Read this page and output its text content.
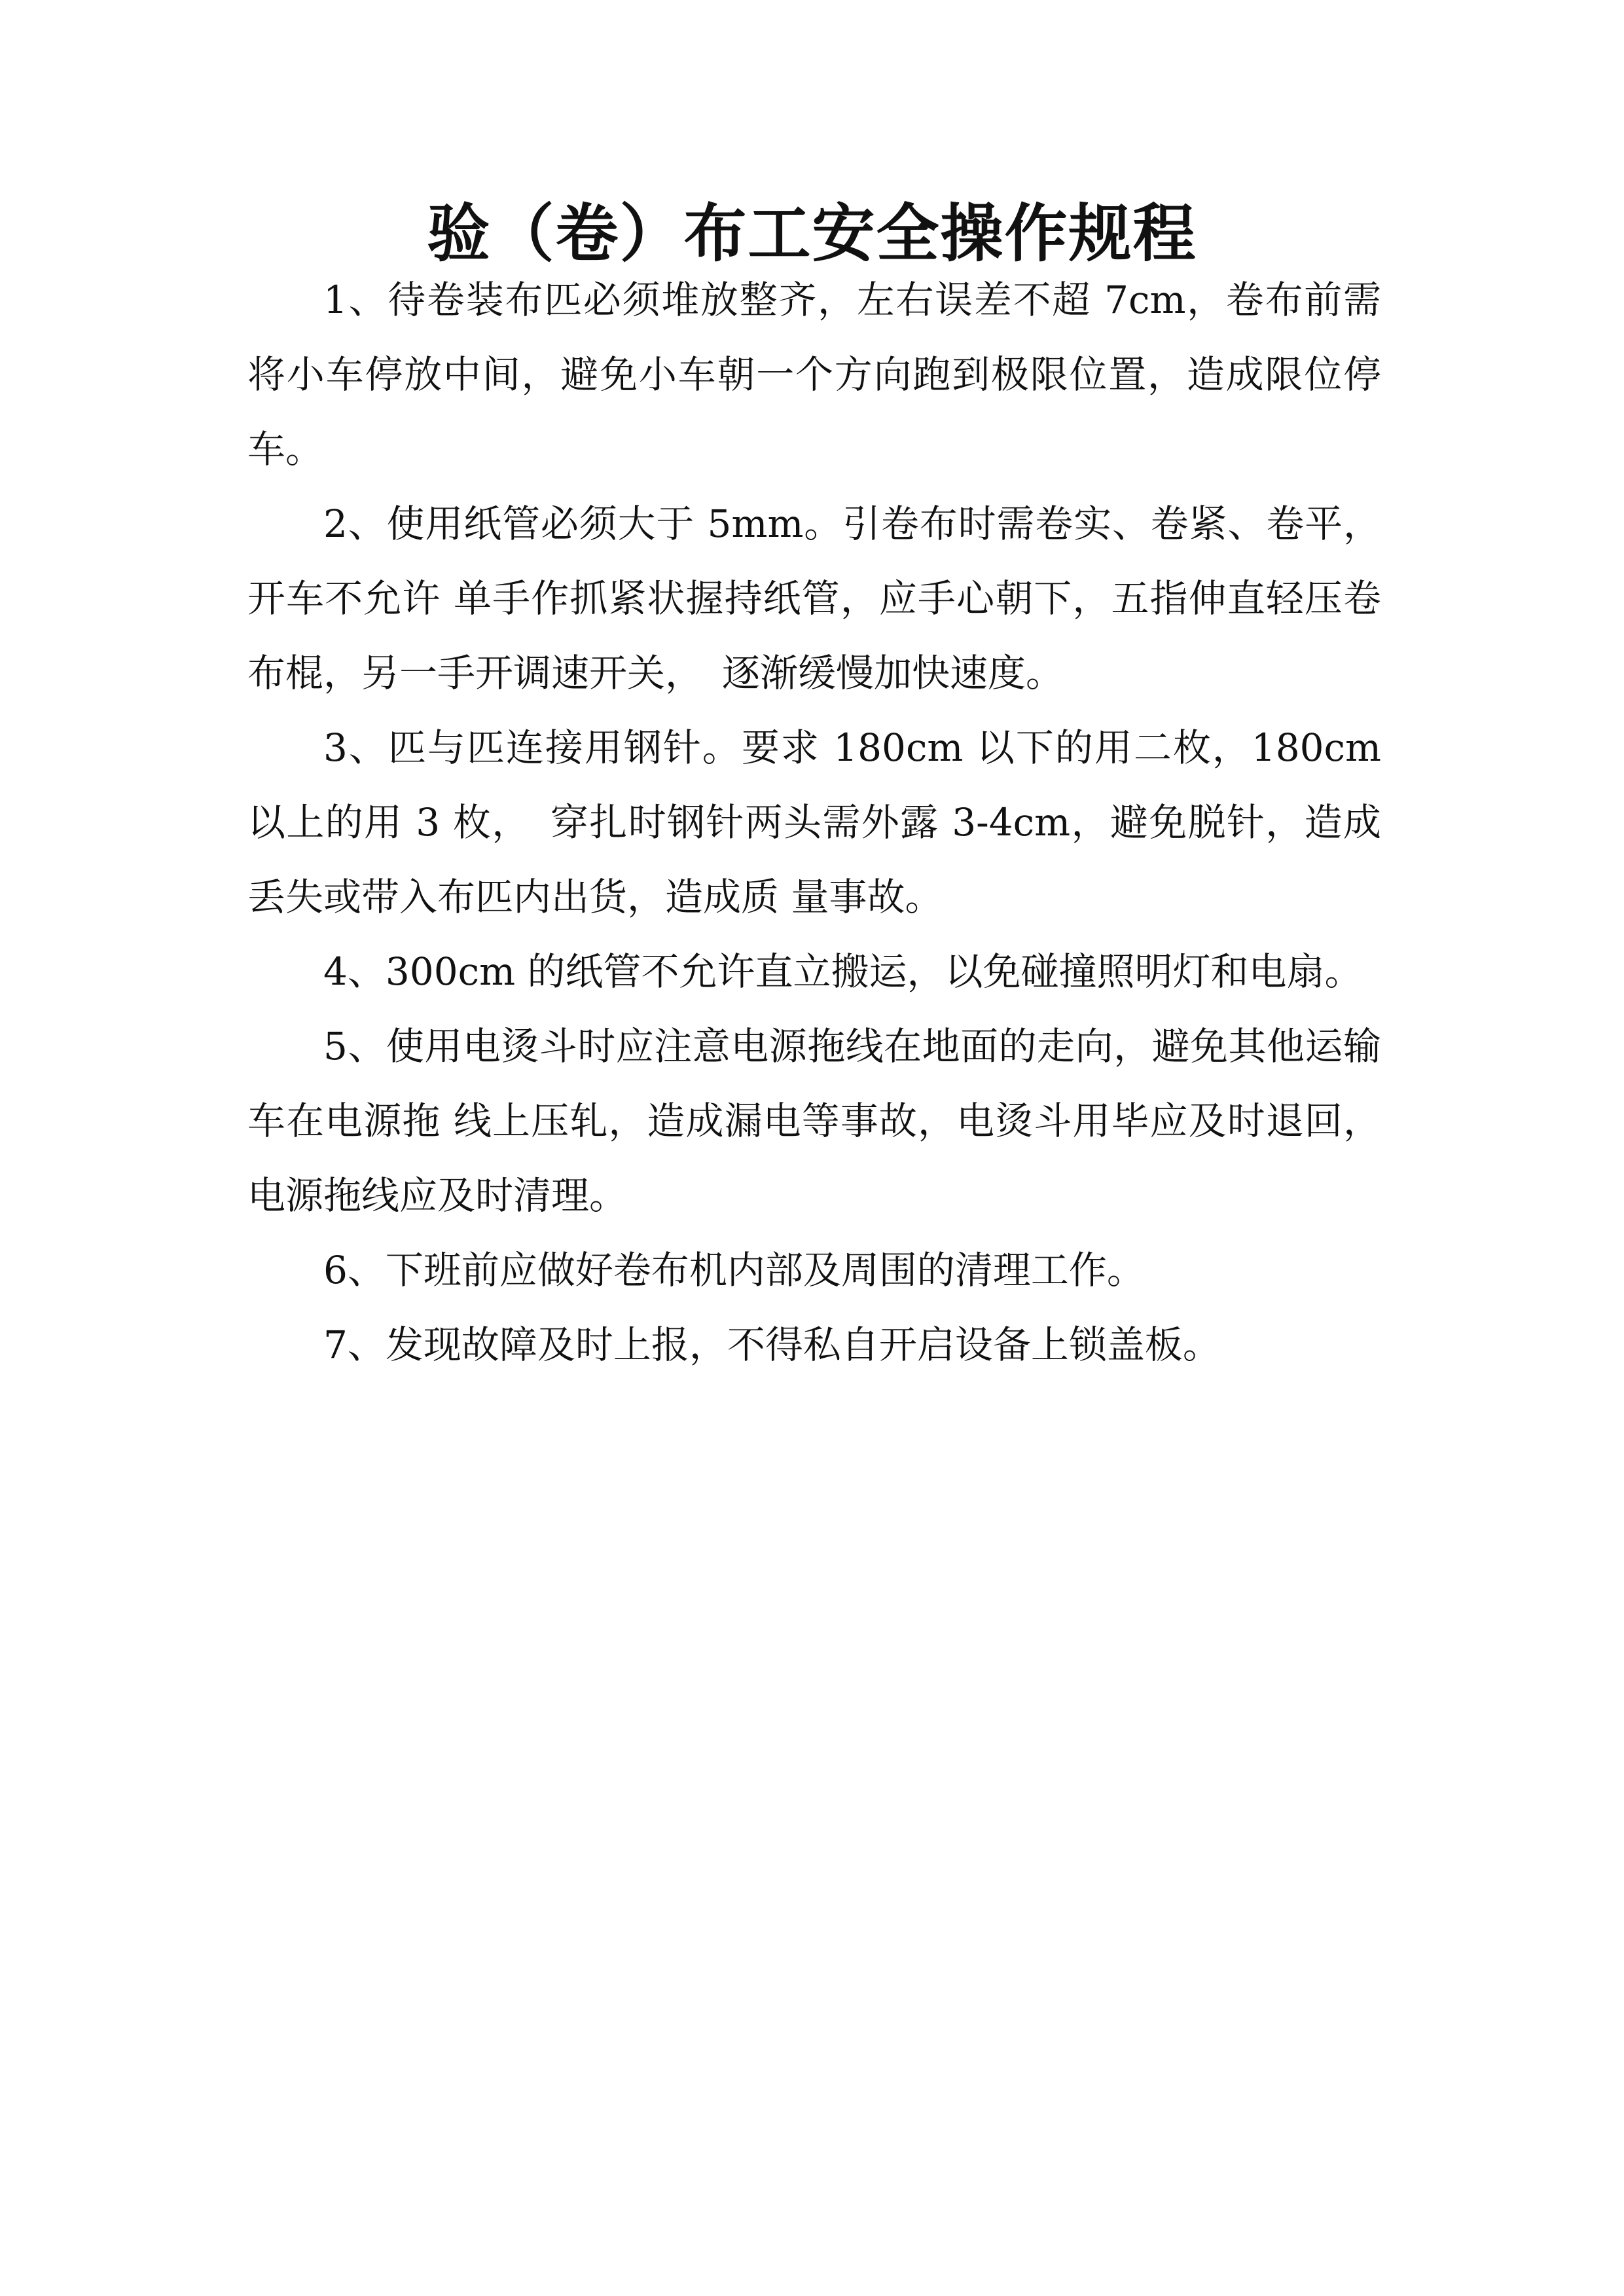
验（卷）布工安全操作规程

1、待卷装布匹必须堆放整齐，左右误差不超 7cm，卷布前需将小车停放中间，避免小车朝一个方向跑到极限位置，造成限位停车。

2、使用纸管必须大于 5mm。引卷布时需卷实、卷紧、卷平，开车不允许 单手作抓紧状握持纸管，应手心朝下，五指伸直轻压卷布棍，另一手开调速开关，　逐渐缓慢加快速度。

3、匹与匹连接用钢针。要求 180cm 以下的用二枚，180cm 以上的用 3 枚，　穿扎时钢针两头需外露 3-4cm，避免脱针，造成丢失或带入布匹内出货，造成质 量事故。

4、300cm 的纸管不允许直立搬运，以免碰撞照明灯和电扇。

5、使用电烫斗时应注意电源拖线在地面的走向，避免其他运输车在电源拖 线上压轧，造成漏电等事故，电烫斗用毕应及时退回，电源拖线应及时清理。

6、下班前应做好卷布机内部及周围的清理工作。

7、发现故障及时上报，不得私自开启设备上锁盖板。
